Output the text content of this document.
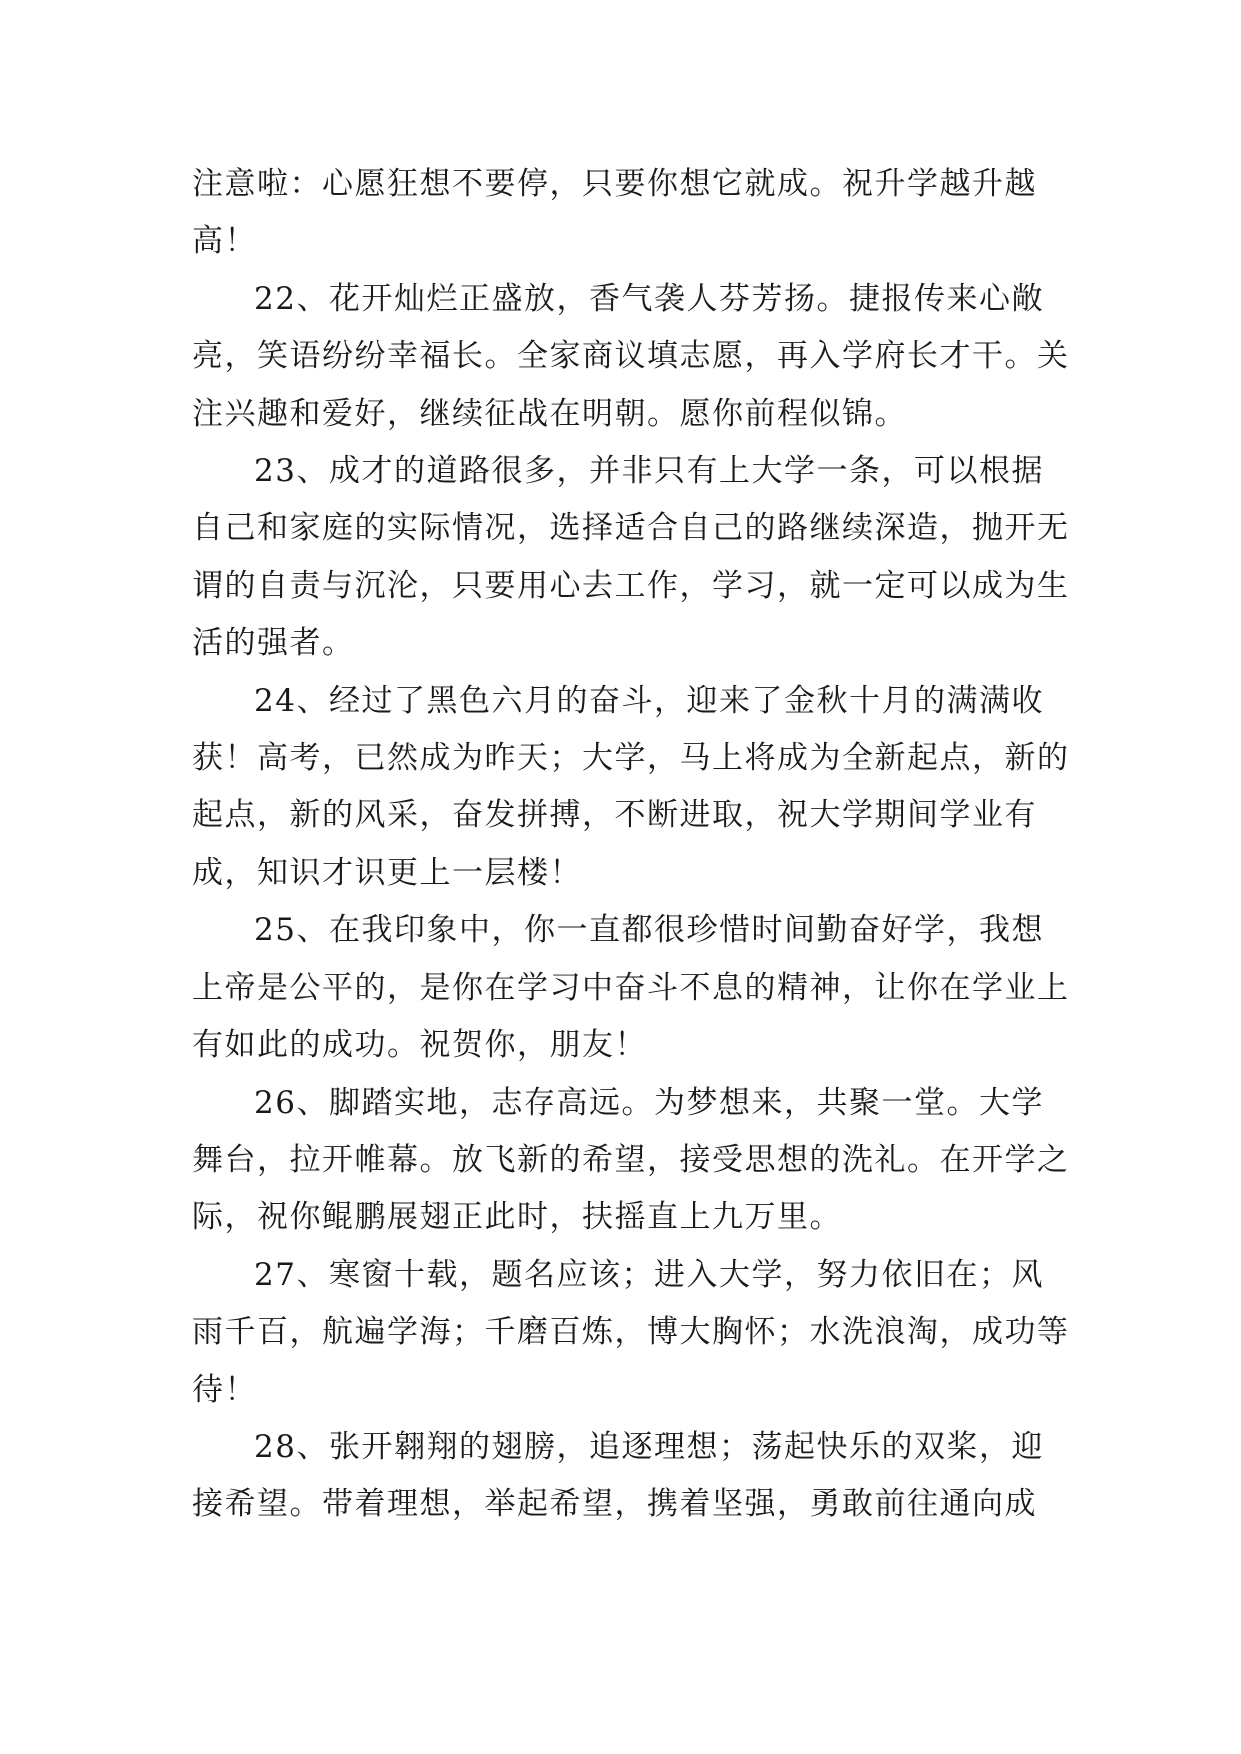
注意啦：心愿狂想不要停，只要你想它就成。祝升学越升越高！

22、花开灿烂正盛放，香气袭人芬芳扬。捷报传来心敞亮，笑语纷纷幸福长。全家商议填志愿，再入学府长才干。关注兴趣和爱好，继续征战在明朝。愿你前程似锦。

23、成才的道路很多，并非只有上大学一条，可以根据自己和家庭的实际情况，选择适合自己的路继续深造，抛开无谓的自责与沉沦，只要用心去工作，学习，就一定可以成为生活的强者。

24、经过了黑色六月的奋斗，迎来了金秋十月的满满收获！高考，已然成为昨天；大学，马上将成为全新起点，新的起点，新的风采，奋发拼搏，不断进取，祝大学期间学业有成，知识才识更上一层楼！

25、在我印象中，你一直都很珍惜时间勤奋好学，我想上帝是公平的，是你在学习中奋斗不息的精神，让你在学业上有如此的成功。祝贺你，朋友！

26、脚踏实地，志存高远。为梦想来，共聚一堂。大学舞台，拉开帷幕。放飞新的希望，接受思想的洗礼。在开学之际，祝你鲲鹏展翅正此时，扶摇直上九万里。

27、寒窗十载，题名应该；进入大学，努力依旧在；风雨千百，航遍学海；千磨百炼，博大胸怀；水洗浪淘，成功等待！

28、张开翱翔的翅膀，追逐理想；荡起快乐的双桨，迎接希望。带着理想，举起希望，携着坚强，勇敢前往通向成
